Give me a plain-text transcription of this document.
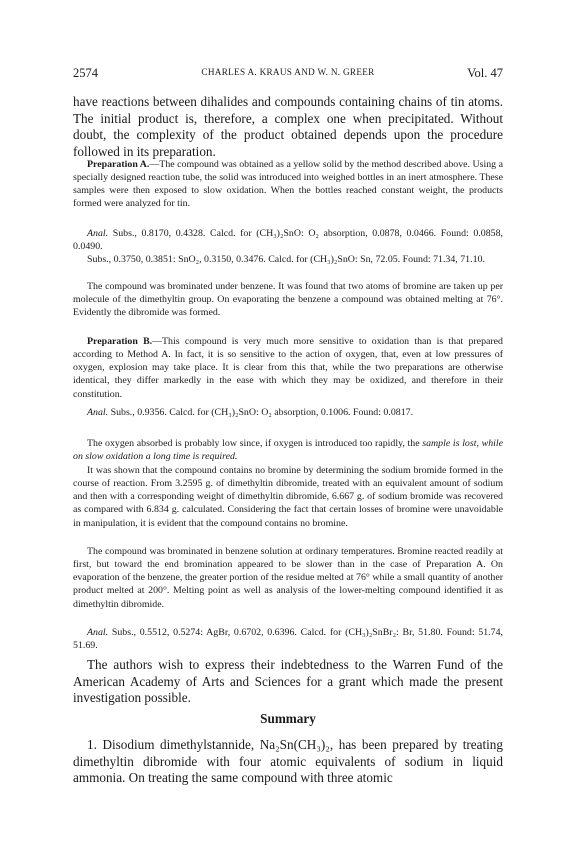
2574	CHARLES A. KRAUS AND W. N. GREER	Vol. 47

have reactions between dihalides and compounds containing chains of tin atoms. The initial product is, therefore, a complex one when precipitated. Without doubt, the complexity of the product obtained depends upon the procedure followed in its preparation.

Preparation A.—The compound was obtained as a yellow solid by the method described above. Using a specially designed reaction tube, the solid was introduced into weighed bottles in an inert atmosphere. These samples were then exposed to slow oxidation. When the bottles reached constant weight, the products formed were analyzed for tin.

Anal. Subs., 0.8170, 0.4328. Calcd. for (CH₃)₂SnO: O₂ absorption, 0.0878, 0.0466. Found: 0.0858, 0.0490.

Subs., 0.3750, 0.3851: SnO₂, 0.3150, 0.3476. Calcd. for (CH₃)₂SnO: Sn, 72.05. Found: 71.34, 71.10.

The compound was brominated under benzene. It was found that two atoms of bromine are taken up per molecule of the dimethyltin group. On evaporating the benzene a compound was obtained melting at 76°. Evidently the dibromide was formed.

Preparation B.—This compound is very much more sensitive to oxidation than is that prepared according to Method A. In fact, it is so sensitive to the action of oxygen, that, even at low pressures of oxygen, explosion may take place. It is clear from this that, while the two preparations are otherwise identical, they differ markedly in the ease with which they may be oxidized, and therefore in their constitution.

Anal. Subs., 0.9356. Calcd. for (CH₃)₂SnO: O₂ absorption, 0.1006. Found: 0.0817.

The oxygen absorbed is probably low since, if oxygen is introduced too rapidly, the sample is lost, while on slow oxidation a long time is required.

It was shown that the compound contains no bromine by determining the sodium bromide formed in the course of reaction. From 3.2595 g. of dimethyltin dibromide, treated with an equivalent amount of sodium and then with a corresponding weight of dimethyltin dibromide, 6.667 g. of sodium bromide was recovered as compared with 6.834 g. calculated. Considering the fact that certain losses of bromine were unavoidable in manipulation, it is evident that the compound contains no bromine.

The compound was brominated in benzene solution at ordinary temperatures. Bromine reacted readily at first, but toward the end bromination appeared to be slower than in the case of Preparation A. On evaporation of the benzene, the greater portion of the residue melted at 76° while a small quantity of another product melted at 200°. Melting point as well as analysis of the lower-melting compound identified it as dimethyltin dibromide.

Anal. Subs., 0.5512, 0.5274: AgBr, 0.6702, 0.6396. Calcd. for (CH₃)₂SnBr₂: Br, 51.80. Found: 51.74, 51.69.

The authors wish to express their indebtedness to the Warren Fund of the American Academy of Arts and Sciences for a grant which made the present investigation possible.

Summary

1. Disodium dimethylstannide, Na₂Sn(CH₃)₂, has been prepared by treating dimethyltin dibromide with four atomic equivalents of sodium in liquid ammonia. On treating the same compound with three atomic
